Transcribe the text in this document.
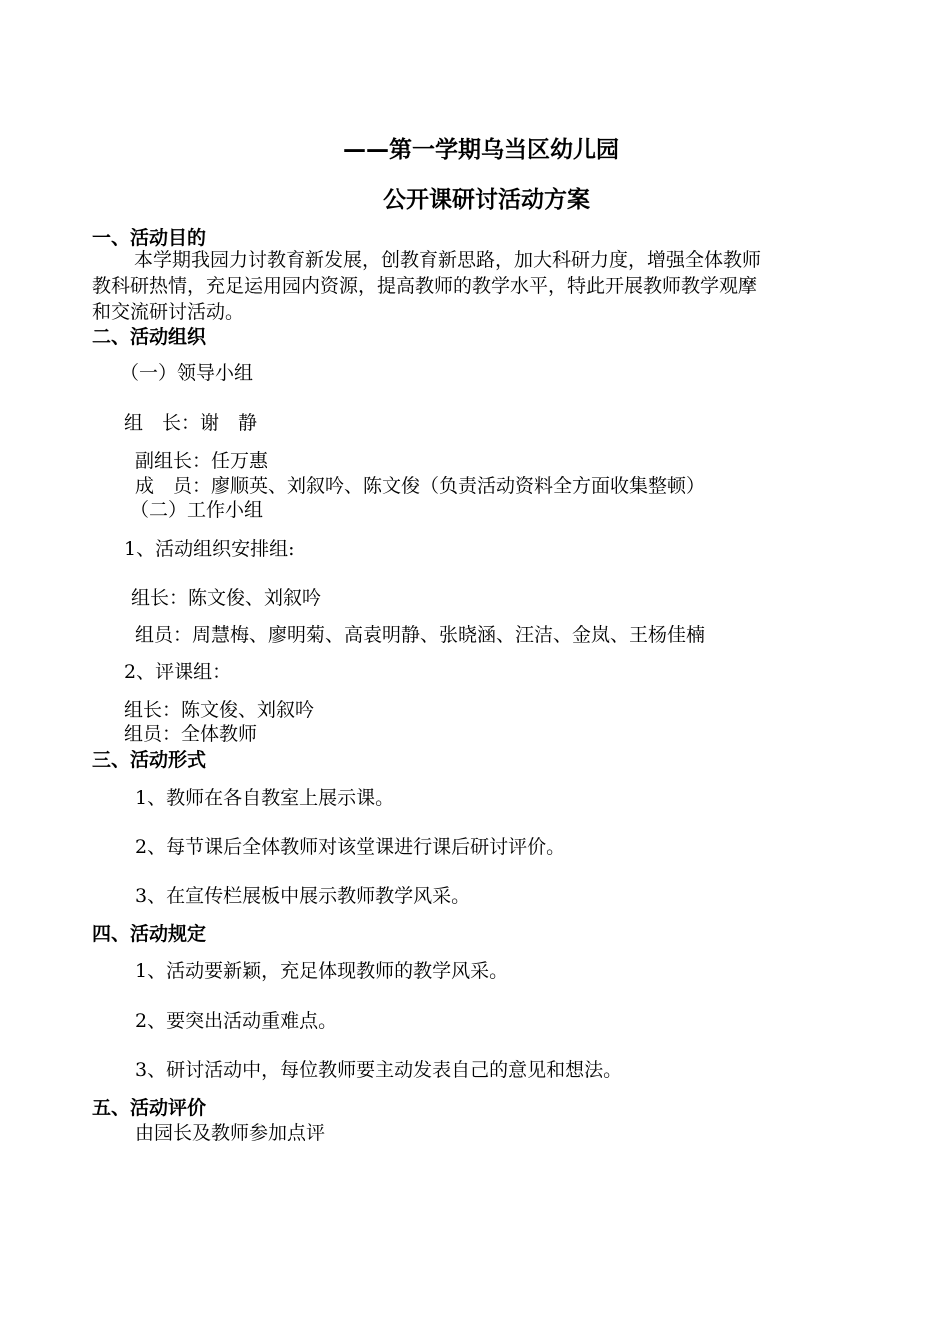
——第一学期乌当区幼儿园
公开课研讨活动方案
一、活动目的
本学期我园力讨教育新发展，创教育新思路，加大科研力度，增强全体教师
教科研热情，充足运用园内资源，提高教师的教学水平，特此开展教师教学观摩
和交流研讨活动。
二、活动组织
（一）领导小组
组　长：谢　静
副组长：任万惠
成　员：廖顺英、刘叙吟、陈文俊（负责活动资料全方面收集整顿）
（二）工作小组
1、活动组织安排组:
组长：陈文俊、刘叙吟
组员：周慧梅、廖明菊、高袁明静、张晓涵、汪洁、金岚、王杨佳楠
2、评课组：
组长：陈文俊、刘叙吟
组员：全体教师
三、活动形式
1、教师在各自教室上展示课。
2、每节课后全体教师对该堂课进行课后研讨评价。
3、在宣传栏展板中展示教师教学风采。
四、活动规定
1、活动要新颖，充足体现教师的教学风采。
2、要突出活动重难点。
3、研讨活动中，每位教师要主动发表自己的意见和想法。
五、活动评价
由园长及教师参加点评
